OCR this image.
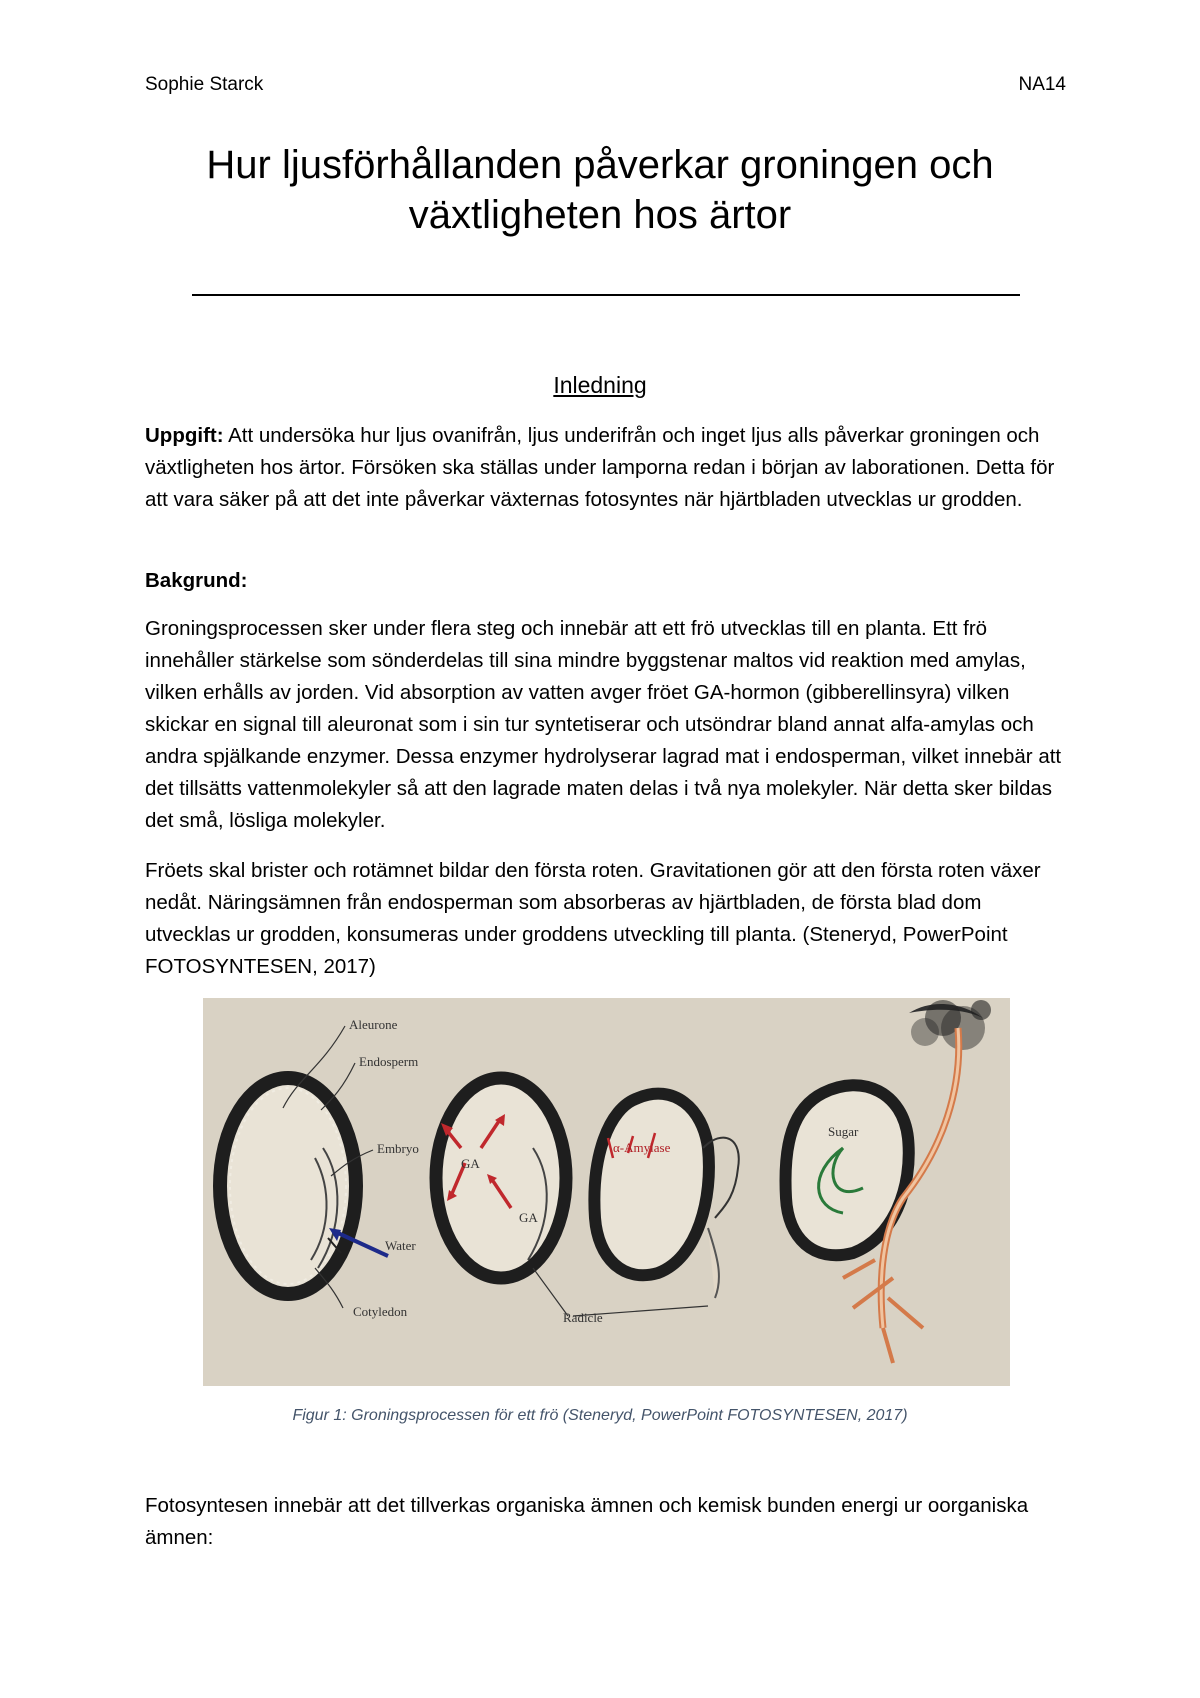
Sophie Starck	NA14
Hur ljusförhållanden påverkar groningen och växtligheten hos ärtor
Inledning

Uppgift: Att undersöka hur ljus ovanifrån, ljus underifrån och inget ljus alls påverkar groningen och växtligheten hos ärtor. Försöken ska ställas under lamporna redan i början av laborationen. Detta för att vara säker på att det inte påverkar växternas fotosyntes när hjärtbladen utvecklas ur grodden.

Bakgrund:

Groningsprocessen sker under flera steg och innebär att ett frö utvecklas till en planta. Ett frö innehåller stärkelse som sönderdelas till sina mindre byggstenar maltos vid reaktion med amylas, vilken erhålls av jorden. Vid absorption av vatten avger fröet GA-hormon (gibberellinsyra) vilken skickar en signal till aleuronat som i sin tur syntetiserar och utsöndrar bland annat alfa-amylas och andra spjälkande enzymer. Dessa enzymer hydrolyserar lagrad mat i endosperman, vilket innebär att det tillsätts vattenmolekyler så att den lagrade maten delas i två nya molekyler. När detta sker bildas det små, lösliga molekyler.

Fröets skal brister och rotämnet bildar den första roten. Gravitationen gör att den första roten växer nedåt. Näringsämnen från endosperman som absorberas av hjärtbladen, de första blad dom utvecklas ur grodden, konsumeras under groddens utveckling till planta. (Steneryd, PowerPoint FOTOSYNTESEN, 2017)

Aleurone
Endosperm
Embryo
Water
Cotyledon
GA
GA
α-Amylase
Radicle
Sugar
Figur 1: Groningsprocessen för ett frö (Steneryd, PowerPoint FOTOSYNTESEN, 2017)

Fotosyntesen innebär att det tillverkas organiska ämnen och kemisk bunden energi ur oorganiska ämnen:
